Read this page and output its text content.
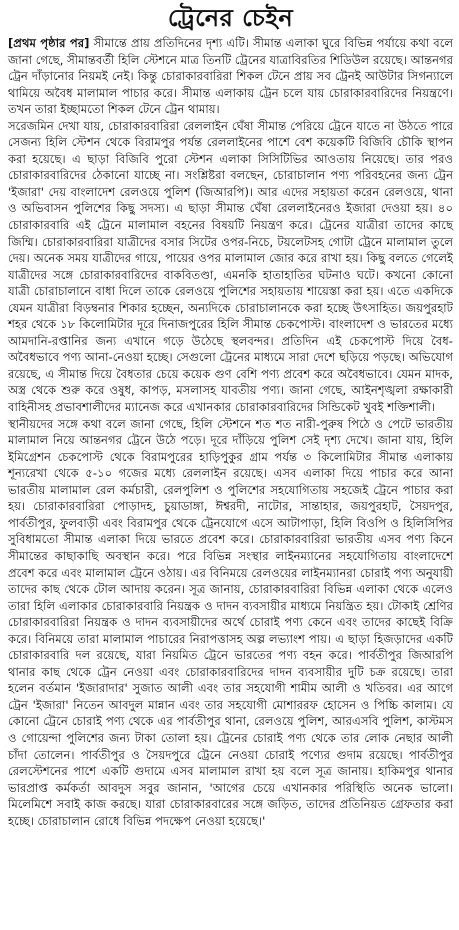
ট্রেনের চেইন

[প্রথম পৃষ্ঠার পর] সীমান্তে প্রায় প্রতিদিনের দৃশ্য এটি। সীমান্ত এলাকা ঘুরে বিভিন্ন পর্যায়ে কথা বলে জানা গেছে, সীমান্তবর্তী হিলি স্টেশনে মাত্র তিনটি ট্রেনের যাত্রাবিরতির শিডিউল রয়েছে। আন্তনগর ট্রেন দাঁড়ানোর নিয়মই নেই। কিন্তু চোরাকারবারিরা শিকল টেনে প্রায় সব ট্রেনই আউটার সিগন্যালে থামিয়ে অবৈধ মালামাল পাচার করে। সীমান্ত এলাকায় ট্রেন চলে যায় চোরাকারবারিদের নিয়ন্ত্রণে। তখন তারা ইচ্ছামতো শিকল টেনে ট্রেন থামায়।

সরেজমিন দেখা যায়, চোরাকারবারিরা রেললাইন ঘেঁষা সীমান্ত পেরিয়ে ট্রেনে যাতে না উঠতে পারে সেজন্য হিলি স্টেশন থেকে বিরামপুর পর্যন্ত রেললাইনের পাশে বেশ কয়েকটি বিজিবি চৌকি স্থাপন করা হয়েছে। এ ছাড়া বিজিবি পুরো স্টেশন এলাকা সিসিটিভির আওতায় নিয়েছে। তার পরও চোরাকারবারিদের ঠেকানো যাচ্ছে না। সংশ্লিষ্টরা বলছেন, চোরাচালান পণ্য পরিবহনের জন্য ট্রেন 'ইজারা' দেয় বাংলাদেশ রেলওয়ে পুলিশ (জিআরপি)। আর এদের সহায়তা করেন রেলওয়ে, থানা ও অভিবাসন পুলিশের কিছু সদস্য। এ ছাড়া সীমান্ত ঘেঁষা রেললাইনেরও ইজারা দেওয়া হয়। ৪০ চোরাকারবারি এই ট্রেনে মালামাল বহনের বিষয়টি নিয়ন্ত্রণ করে। ট্রেনের যাত্রীরা তাদের কাছে জিম্মি। চোরাকারবারিরা যাত্রীদের বসার সিটের ওপর-নিচে, টয়লেটসহ গোটা ট্রেনে মালামাল তুলে দেয়। অনেক সময় যাত্রীদের গায়ে, পায়ের ওপর মালামাল জোর করে রাখা হয়। কিছু বলতে গেলেই যাত্রীদের সঙ্গে চোরাকারবারিদের বাকবিতণ্ডা, এমনকি হাতাহাতির ঘটনাও ঘটে। কখনো কোনো যাত্রী চোরাচালানে বাধা দিলে তাকে রেলওয়ে পুলিশের সহায়তায় শায়েস্তা করা হয়। এতে একদিকে যেমন যাত্রীরা বিড়ম্বনার শিকার হচ্ছেন, অন্যদিকে চোরাচালানকে করা হচ্ছে উৎসাহিত। জয়পুরহাট শহর থেকে ১৮ কিলোমিটার দূরে দিনাজপুরের হিলি সীমান্ত চেকপোস্ট। বাংলাদেশ ও ভারতের মধ্যে আমদানি-রপ্তানির জন্য এখানে গড়ে উঠেছে স্থলবন্দর। প্রতিদিন এই চেকপোস্ট দিয়ে বৈধ-অবৈধভাবে পণ্য আনা-নেওয়া হচ্ছে। সেগুলো ট্রেনের মাধ্যমে সারা দেশে ছড়িয়ে পড়ছে। অভিযোগ রয়েছে, এ সীমান্ত দিয়ে বৈধতার চেয়ে কয়েক গুণ বেশি পণ্য প্রবেশ করে অবৈধভাবে। যেমন মাদক, অস্ত্র থেকে শুরু করে ওষুধ, কাপড়, মসলাসহ যাবতীয় পণ্য। জানা গেছে, আইনশৃঙ্খলা রক্ষাকারী বাহিনীসহ প্রভাবশালীদের ম্যানেজ করে এখানকার চোরাকারবারিদের সিন্ডিকেট খুবই শক্তিশালী।

স্থানীয়দের সঙ্গে কথা বলে জানা গেছে, হিলি স্টেশনে শত শত নারী-পুরুষ পিঠে ও পেটে ভারতীয় মালামাল নিয়ে আন্তনগর ট্রেনে উঠে পড়ে। দূরে দাঁড়িয়ে পুলিশ সেই দৃশ্য দেখে। জানা যায়, হিলি ইমিগ্রেশন চেকপোস্ট থেকে বিরামপুরের হাড়িপুকুর গ্রাম পর্যন্ত ৩ কিলোমিটার সীমান্ত এলাকায় শূন্যরেখা থেকে ৫-১০ গজের মধ্যে রেললাইন রয়েছে। এসব এলাকা দিয়ে পাচার করে আনা ভারতীয় মালামাল রেল কর্মচারী, রেলপুলিশ ও পুলিশের সহযোগিতায় সহজেই ট্রেনে পাচার করা হয়। চোরাকারবারিরা পোড়াদহ, চুয়াডাঙ্গা, ঈশ্বরদী, নাটোর, সান্তাহার, জয়পুরহাট, সৈয়দপুর, পার্বতীপুর, ফুলবাড়ী এবং বিরামপুর থেকে ট্রেনযোগে এসে আটাপাড়া, হিলি বিওপি ও হিলিসিপির সুবিধামতো সীমান্ত এলাকা দিয়ে ভারতে প্রবেশ করে। চোরাকারবারিরা ভারতীয় এসব পণ্য কিনে সীমান্তের কাছাকাছি অবস্থান করে। পরে বিভিন্ন সংস্থার লাইনম্যানের সহযোগিতায় বাংলাদেশে প্রবেশ করে এবং মালামাল ট্রেনে ওঠায়। এর বিনিময়ে রেলওয়ের লাইনম্যানরা চোরাই পণ্য অনুযায়ী তাদের কাছ থেকে টোল আদায় করেন। সূত্র জানায়, চোরাকারবারিরা বিভিন্ন এলাকা থেকে এলেও তারা হিলি এলাকার চোরাকারবারি নিয়ন্ত্রক ও দাদন ব্যবসায়ীর মাধ্যমে নিয়ন্ত্রিত হয়। টোকাই শ্রেণির চোরাকারবারিরা নিয়ন্ত্রক ও দাদন ব্যবসায়ীদের অর্থে চোরাই পণ্য কেনে এবং তাদের কাছেই বিক্রি করে। বিনিময়ে তারা মালামাল পাচারের নিরাপত্তাসহ অল্প লভ্যাংশ পায়। এ ছাড়া হিজড়াদের একটি চোরাকারবারি দল রয়েছে, যারা নিয়মিত ট্রেনে ভারতের পণ্য বহন করে। পার্বতীপুর জিআরপি থানার কাছ থেকে ট্রেন নেওয়া এবং চোরাকারবারিদের দাদন ব্যবসায়ীর দুটি চক্র রয়েছে। তারা হলেন বর্তমান 'ইজারাদার' সুজাত আলী এবং তার সহযোগী শামীম আলী ও খতিবর। এর আগে ট্রেন 'ইজারা' নিতেন আবদুল মান্নান এবং তার সহযোগী মোশাররফ হোসেন ও পিচ্চি কালাম। যে কোনো ট্রেনে চোরাই পণ্য থেকে এর পার্বতীপুর থানা, রেলওয়ে পুলিশ, আরএসবি পুলিশ, কাস্টমস ও গোয়েন্দা পুলিশের জন্য টাকা তোলা হয়। ট্রেনের চোরাই পণ্য থেকে তার লোক নেছার আলী চাঁদা তোলেন। পার্বতীপুর ও সৈয়দপুরে ট্রেনে নেওয়া চোরাই পণ্যের গুদাম রয়েছে। পার্বতীপুর রেলস্টেশনের পাশে একটি গুদামে এসব মালামাল রাখা হয় বলে সূত্র জানায়। হাকিমপুর থানার ভারপ্রাপ্ত কর্মকর্তা আবদুস সবুর জানান, 'আগের চেয়ে এখানকার পরিস্থিতি অনেক ভালো। মিলেমিশে সবাই কাজ করছে। যারা চোরাকারবারের সঙ্গে জড়িত, তাদের প্রতিনিয়ত গ্রেফতার করা হচ্ছে। চোরাচালান রোধে বিভিন্ন পদক্ষেপ নেওয়া হয়েছে।'
